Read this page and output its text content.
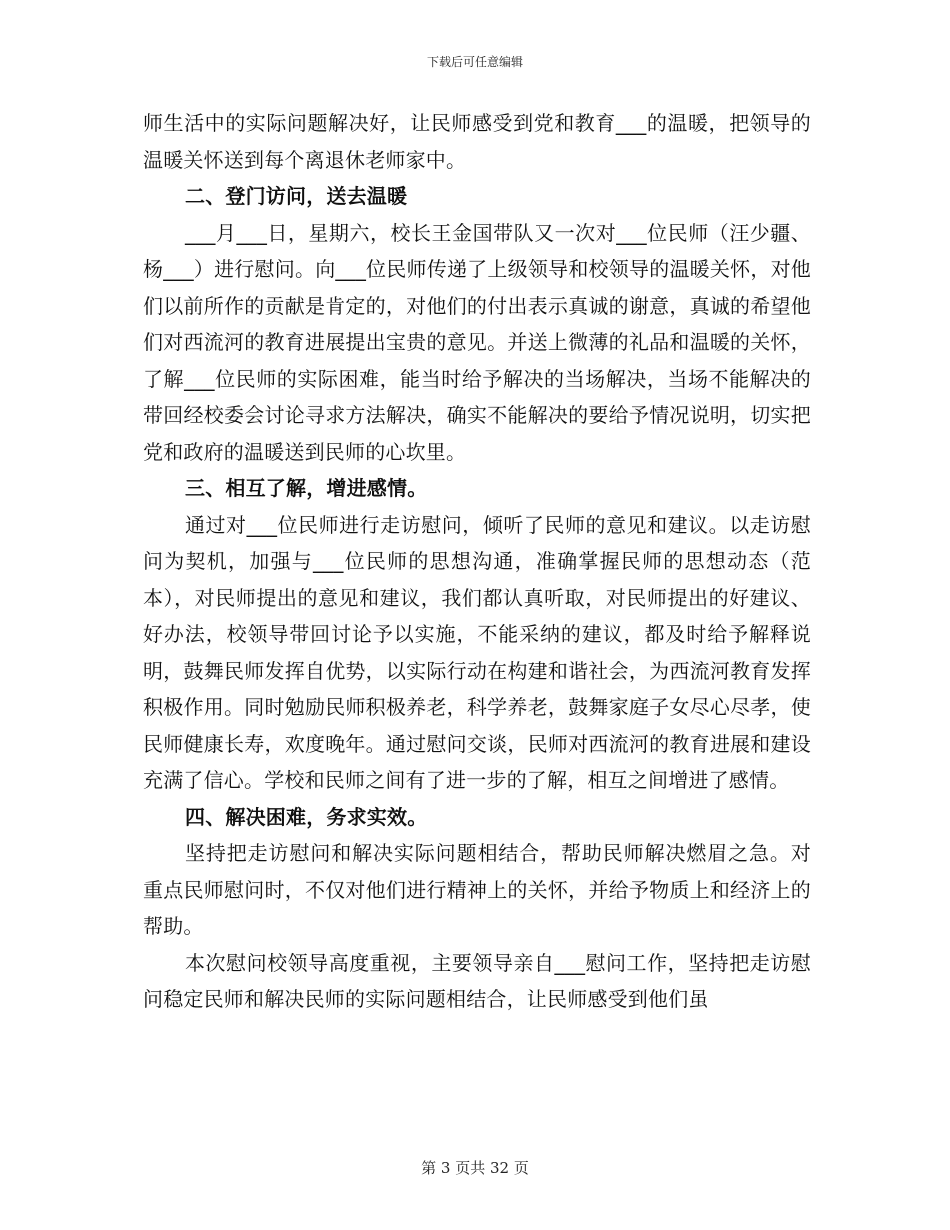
下载后可任意编辑

师生活中的实际问题解决好，让民师感受到党和教育___的温暖，把领导的温暖关怀送到每个离退休老师家中。

二、登门访问，送去温暖

___月___日，星期六，校长王金国带队又一次对___位民师（汪少疆、杨___）进行慰问。向___位民师传递了上级领导和校领导的温暖关怀，对他们以前所作的贡献是肯定的，对他们的付出表示真诚的谢意，真诚的希望他们对西流河的教育进展提出宝贵的意见。并送上微薄的礼品和温暖的关怀，了解___位民师的实际困难，能当时给予解决的当场解决，当场不能解决的带回经校委会讨论寻求方法解决，确实不能解决的要给予情况说明，切实把党和政府的温暖送到民师的心坎里。

三、相互了解，增进感情。

通过对___位民师进行走访慰问，倾听了民师的意见和建议。以走访慰问为契机，加强与___位民师的思想沟通，准确掌握民师的思想动态（范本），对民师提出的意见和建议，我们都认真听取，对民师提出的好建议、好办法，校领导带回讨论予以实施，不能采纳的建议，都及时给予解释说明，鼓舞民师发挥自优势，以实际行动在构建和谐社会，为西流河教育发挥积极作用。同时勉励民师积极养老，科学养老，鼓舞家庭子女尽心尽孝，使民师健康长寿，欢度晚年。通过慰问交谈，民师对西流河的教育进展和建设充满了信心。学校和民师之间有了进一步的了解，相互之间增进了感情。

四、解决困难，务求实效。

坚持把走访慰问和解决实际问题相结合，帮助民师解决燃眉之急。对重点民师慰问时，不仅对他们进行精神上的关怀，并给予物质上和经济上的帮助。

本次慰问校领导高度重视，主要领导亲自___慰问工作，坚持把走访慰问稳定民师和解决民师的实际问题相结合，让民师感受到他们虽

第 3 页共 32 页
